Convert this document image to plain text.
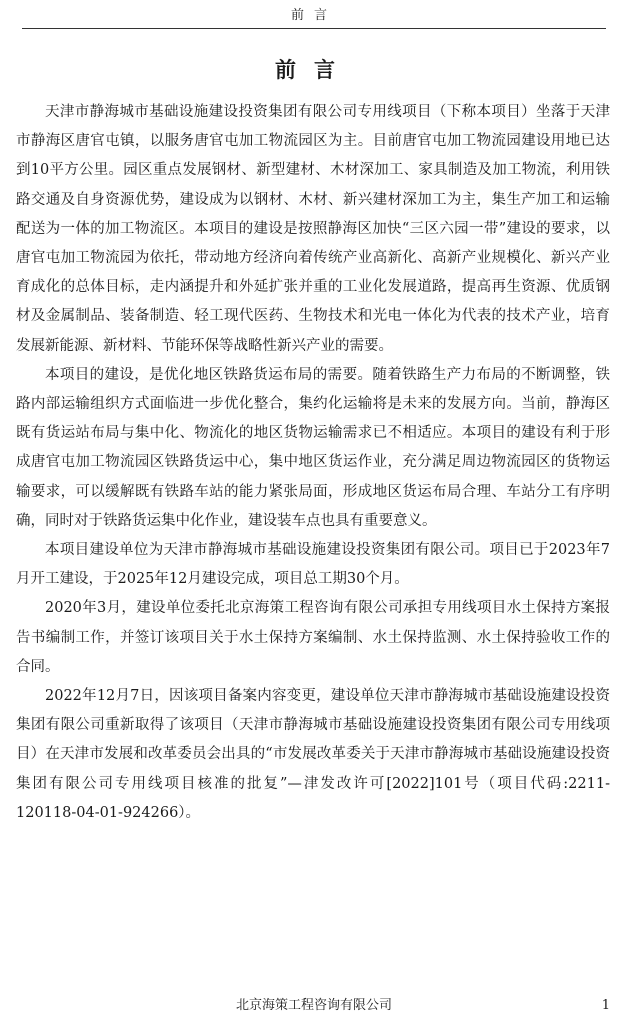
前言
前言

天津市静海城市基础设施建设投资集团有限公司专用线项目（下称本项目）坐落于天津市静海区唐官屯镇，以服务唐官屯加工物流园区为主。目前唐官屯加工物流园建设用地已达到10平方公里。园区重点发展钢材、新型建材、木材深加工、家具制造及加工物流，利用铁路交通及自身资源优势，建设成为以钢材、木材、新兴建材深加工为主，集生产加工和运输配送为一体的加工物流区。本项目的建设是按照静海区加快“三区六园一带”建设的要求，以唐官屯加工物流园为依托，带动地方经济向着传统产业高新化、高新产业规模化、新兴产业育成化的总体目标，走内涵提升和外延扩张并重的工业化发展道路，提高再生资源、优质钢材及金属制品、装备制造、轻工现代医药、生物技术和光电一体化为代表的技术产业，培育发展新能源、新材料、节能环保等战略性新兴产业的需要。

本项目的建设，是优化地区铁路货运布局的需要。随着铁路生产力布局的不断调整，铁路内部运输组织方式面临进一步优化整合，集约化运输将是未来的发展方向。当前，静海区既有货运站布局与集中化、物流化的地区货物运输需求已不相适应。本项目的建设有利于形成唐官屯加工物流园区铁路货运中心，集中地区货运作业，充分满足周边物流园区的货物运输要求，可以缓解既有铁路车站的能力紧张局面，形成地区货运布局合理、车站分工有序明确，同时对于铁路货运集中化作业，建设装车点也具有重要意义。

本项目建设单位为天津市静海城市基础设施建设投资集团有限公司。项目已于2023年7月开工建设，于2025年12月建设完成，项目总工期30个月。

2020年3月，建设单位委托北京海策工程咨询有限公司承担专用线项目水土保持方案报告书编制工作，并签订该项目关于水土保持方案编制、水土保持监测、水土保持验收工作的合同。

2022年12月7日，因该项目备案内容变更，建设单位天津市静海城市基础设施建设投资集团有限公司重新取得了该项目（天津市静海城市基础设施建设投资集团有限公司专用线项目）在天津市发展和改革委员会出具的“市发展改革委关于天津市静海城市基础设施建设投资集团有限公司专用线项目核准的批复”—津发改许可[2022]101号（项目代码:2211-120118-04-01-924266）。

北京海策工程咨询有限公司	1
